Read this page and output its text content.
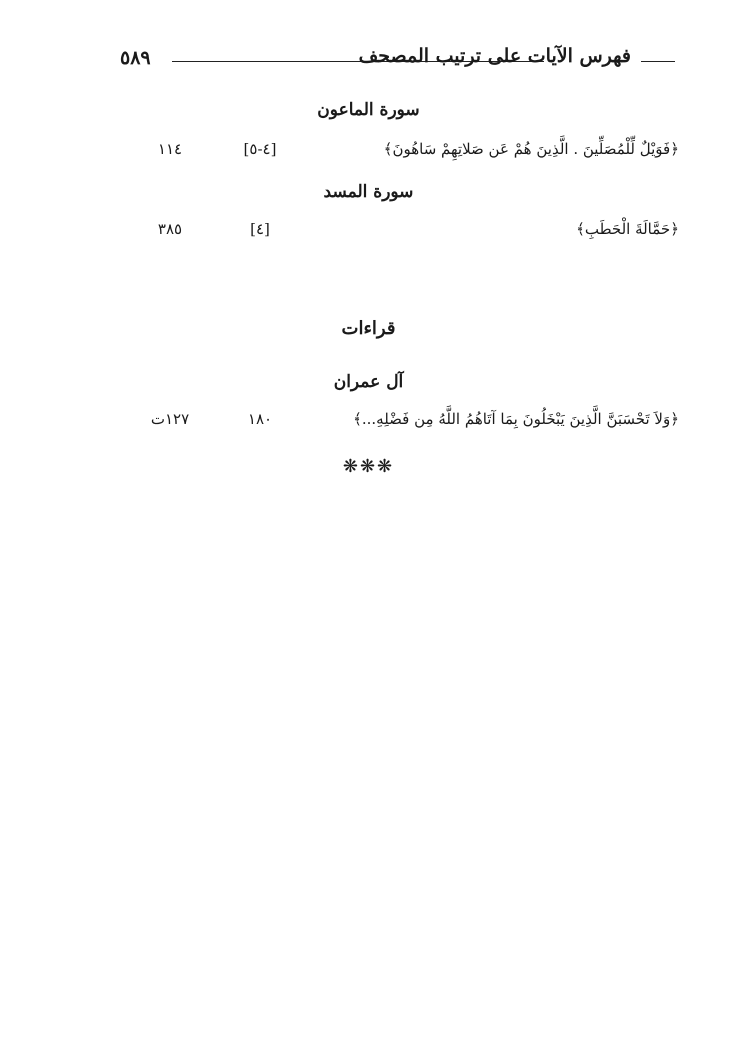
٥٨٩	فهرس الآيات على ترتيب المصحف
سورة الماعون
﴿فَوَيْلٌ لِّلْمُصَلِّينَ . الَّذِينَ هُمْ عَن صَلاتِهِمْ سَاهُونَ﴾
[٤-٥]
١١٤
سورة المسد
﴿حَمَّالَةَ الْحَطَبِ﴾
[٤]
٣٨٥
قراءات
آل عمران
﴿وَلاَ تَحْسَبَنَّ الَّذِينَ يَبْخَلُونَ بِمَا آتَاهُمُ اللَّهُ مِن فَضْلِهِ...﴾
١٨٠
١٢٧ت
❋❋❋
